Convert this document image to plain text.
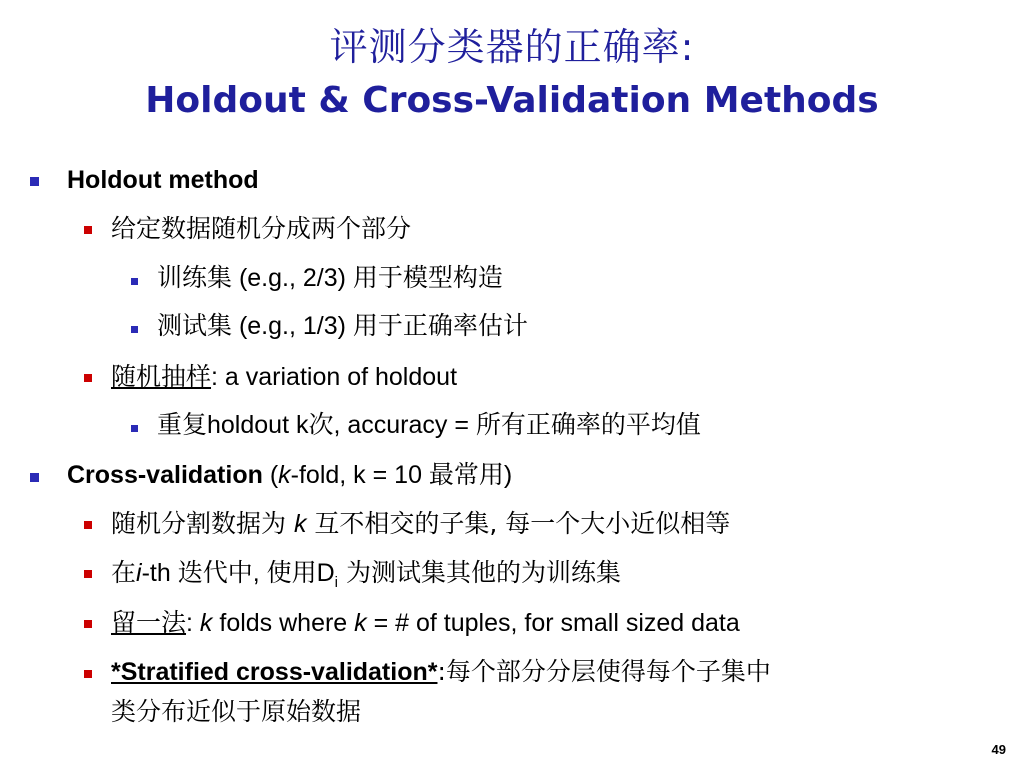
评测分类器的正确率:
Holdout & Cross-Validation Methods
Holdout method
给定数据随机分成两个部分
训练集 (e.g., 2/3) 用于模型构造
测试集 (e.g., 1/3) 用于正确率估计
随机抽样: a variation of holdout
重复holdout k次, accuracy = 所有正确率的平均值
Cross-validation (k-fold, k = 10 最常用)
随机分割数据为 k 互不相交的子集, 每一个大小近似相等
在i-th 迭代中, 使用$D_i$ 为测试集其他的为训练集
留一法: k folds where k = # of tuples, for small sized data
*Stratified cross-validation*:每个部分分层使得每个子集中
类分布近似于原始数据
49
